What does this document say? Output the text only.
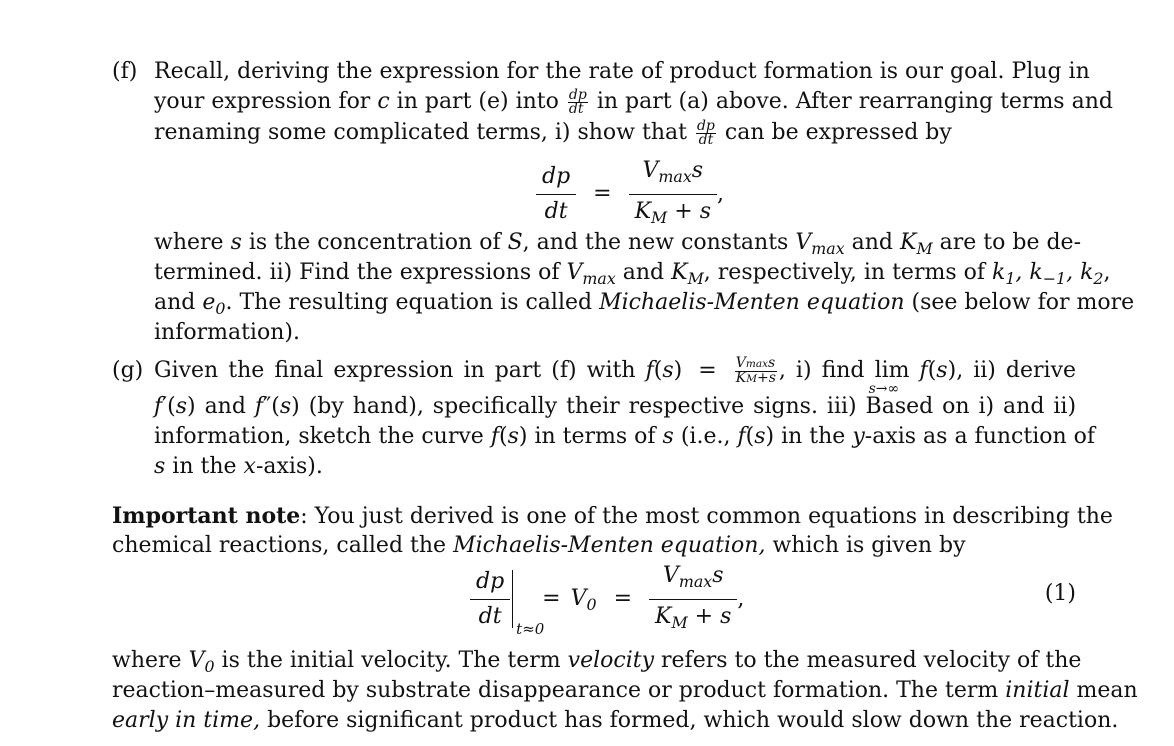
(f) Recall, deriving the expression for the rate of product formation is our goal. Plug in
your expression for c in part (e) into $\frac{dp}{dt}$ in part (a) above. After rearranging terms and
renaming some complicated terms, i) show that $\frac{dp}{dt}$ can be expressed by
$\frac{dp}{dt} = \frac{V_{max}s}{K_M + s}$ ,
where s is the concentration of S, and the new constants $V_{max}$ and $K_M$ are to be de-
termined. ii) Find the expressions of $V_{max}$ and $K_M$, respectively, in terms of $k_1$, $k_{-1}$, $k_2$,
and $e_0$. The resulting equation is called Michaelis-Menten equation (see below for more
information).
(g) Given the final expression in part (f) with $f(s) = \frac{Vmaxs}{KM+s}$ , i) find lim
s→∞
f(s), ii) derive
f′(s) and f″(s) (by hand), specifically their respective signs. iii) Based on i) and ii)
information, sketch the curve f(s) in terms of s (i.e., f(s) in the y-axis as a function of
s in the x-axis).
Important note: You just derived is one of the most common equations in describing the
chemical reactions, called the Michaelis-Menten equation, which is given by
$\frac{dp}{dt} t\approx 0$
= $V_0 = \frac{V_{max}s}{K_M + s}$ ,	(1)
where $V_0$ is the initial velocity. The term velocity refers to the measured velocity of the
reaction–measured by substrate disappearance or product formation. The term initial mean
early in time, before significant product has formed, which would slow down the reaction.
